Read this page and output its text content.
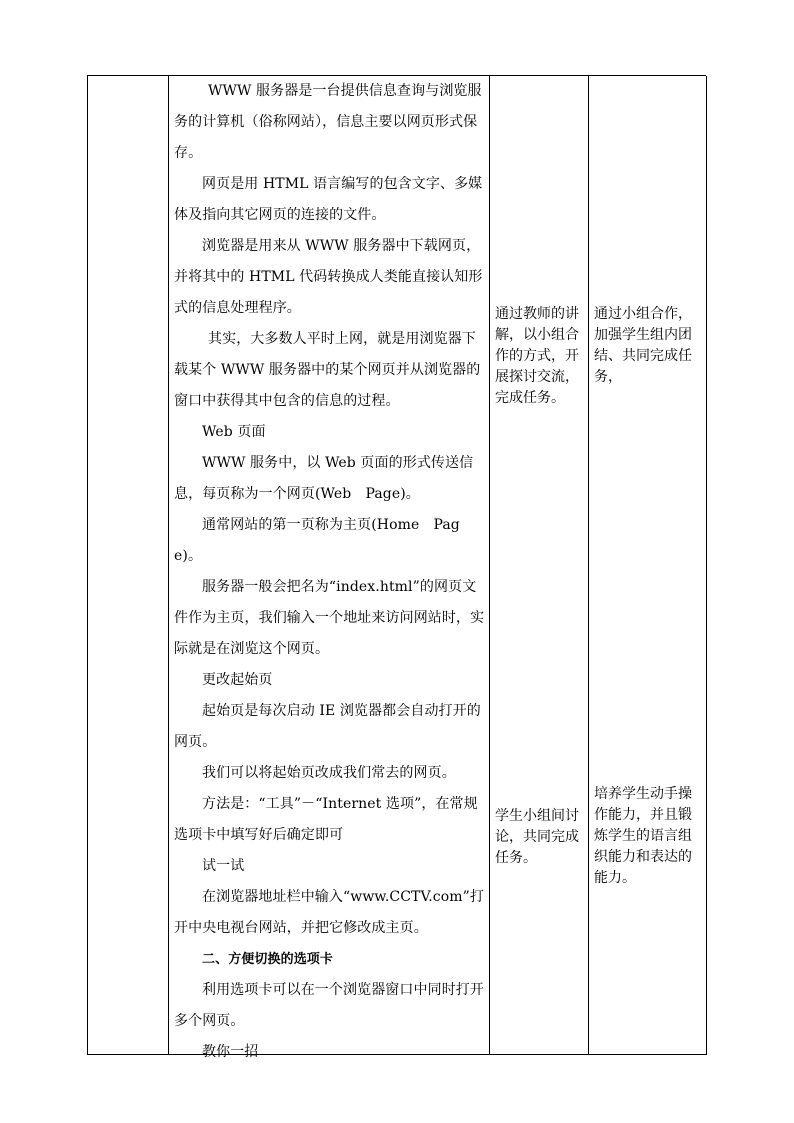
WWW 服务器是一台提供信息查询与浏览服务的计算机（俗称网站），信息主要以网页形式保存。

网页是用 HTML 语言编写的包含文字、多媒体及指向其它网页的连接的文件。

浏览器是用来从 WWW 服务器中下载网页，并将其中的 HTML 代码转换成人类能直接认知形式的信息处理程序。

其实，大多数人平时上网，就是用浏览器下载某个 WWW 服务器中的某个网页并从浏览器的窗口中获得其中包含的信息的过程。

Web 页面

WWW 服务中，以 Web 页面的形式传送信息，每页称为一个网页(Web　Page)。

通常网站的第一页称为主页(Home　Page)。

服务器一般会把名为“index.html”的网页文件作为主页，我们输入一个地址来访问网站时，实际就是在浏览这个网页。

更改起始页

起始页是每次启动 IE 浏览器都会自动打开的网页。

我们可以将起始页改成我们常去的网页。

方法是：“工具”－“Internet 选项”，在常规选项卡中填写好后确定即可

试一试

在浏览器地址栏中输入“www.CCTV.com”打开中央电视台网站，并把它修改成主页。

二、方便切换的选项卡

利用选项卡可以在一个浏览器窗口中同时打开多个网页。

教你一招

通过教师的讲解，以小组合作的方式，开展探讨交流，完成任务。

通过小组合作，加强学生组内团结、共同完成任务，

学生小组间讨论，共同完成任务。

培养学生动手操作能力，并且锻炼学生的语言组织能力和表达的能力。
